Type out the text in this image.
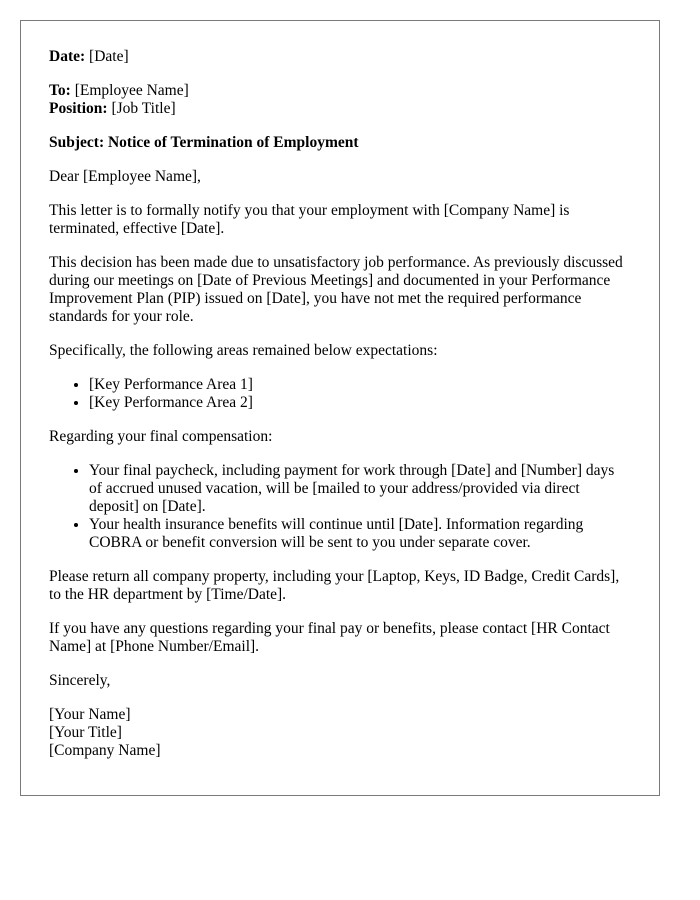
Date: [Date]

To: [Employee Name]

Position: [Job Title]

Subject: Notice of Termination of Employment

Dear [Employee Name],

This letter is to formally notify you that your employment with [Company Name] is terminated, effective [Date].

This decision has been made due to unsatisfactory job performance. As previously discussed during our meetings on [Date of Previous Meetings] and documented in your Performance Improvement Plan (PIP) issued on [Date], you have not met the required performance standards for your role.

Specifically, the following areas remained below expectations:

• [Key Performance Area 1]
• [Key Performance Area 2]

Regarding your final compensation:

• Your final paycheck, including payment for work through [Date] and [Number] days of accrued unused vacation, will be [mailed to your address/provided via direct deposit] on [Date].
• Your health insurance benefits will continue until [Date]. Information regarding COBRA or benefit conversion will be sent to you under separate cover.

Please return all company property, including your [Laptop, Keys, ID Badge, Credit Cards], to the HR department by [Time/Date].

If you have any questions regarding your final pay or benefits, please contact [HR Contact Name] at [Phone Number/Email].

Sincerely,

[Your Name]
[Your Title]
[Company Name]
